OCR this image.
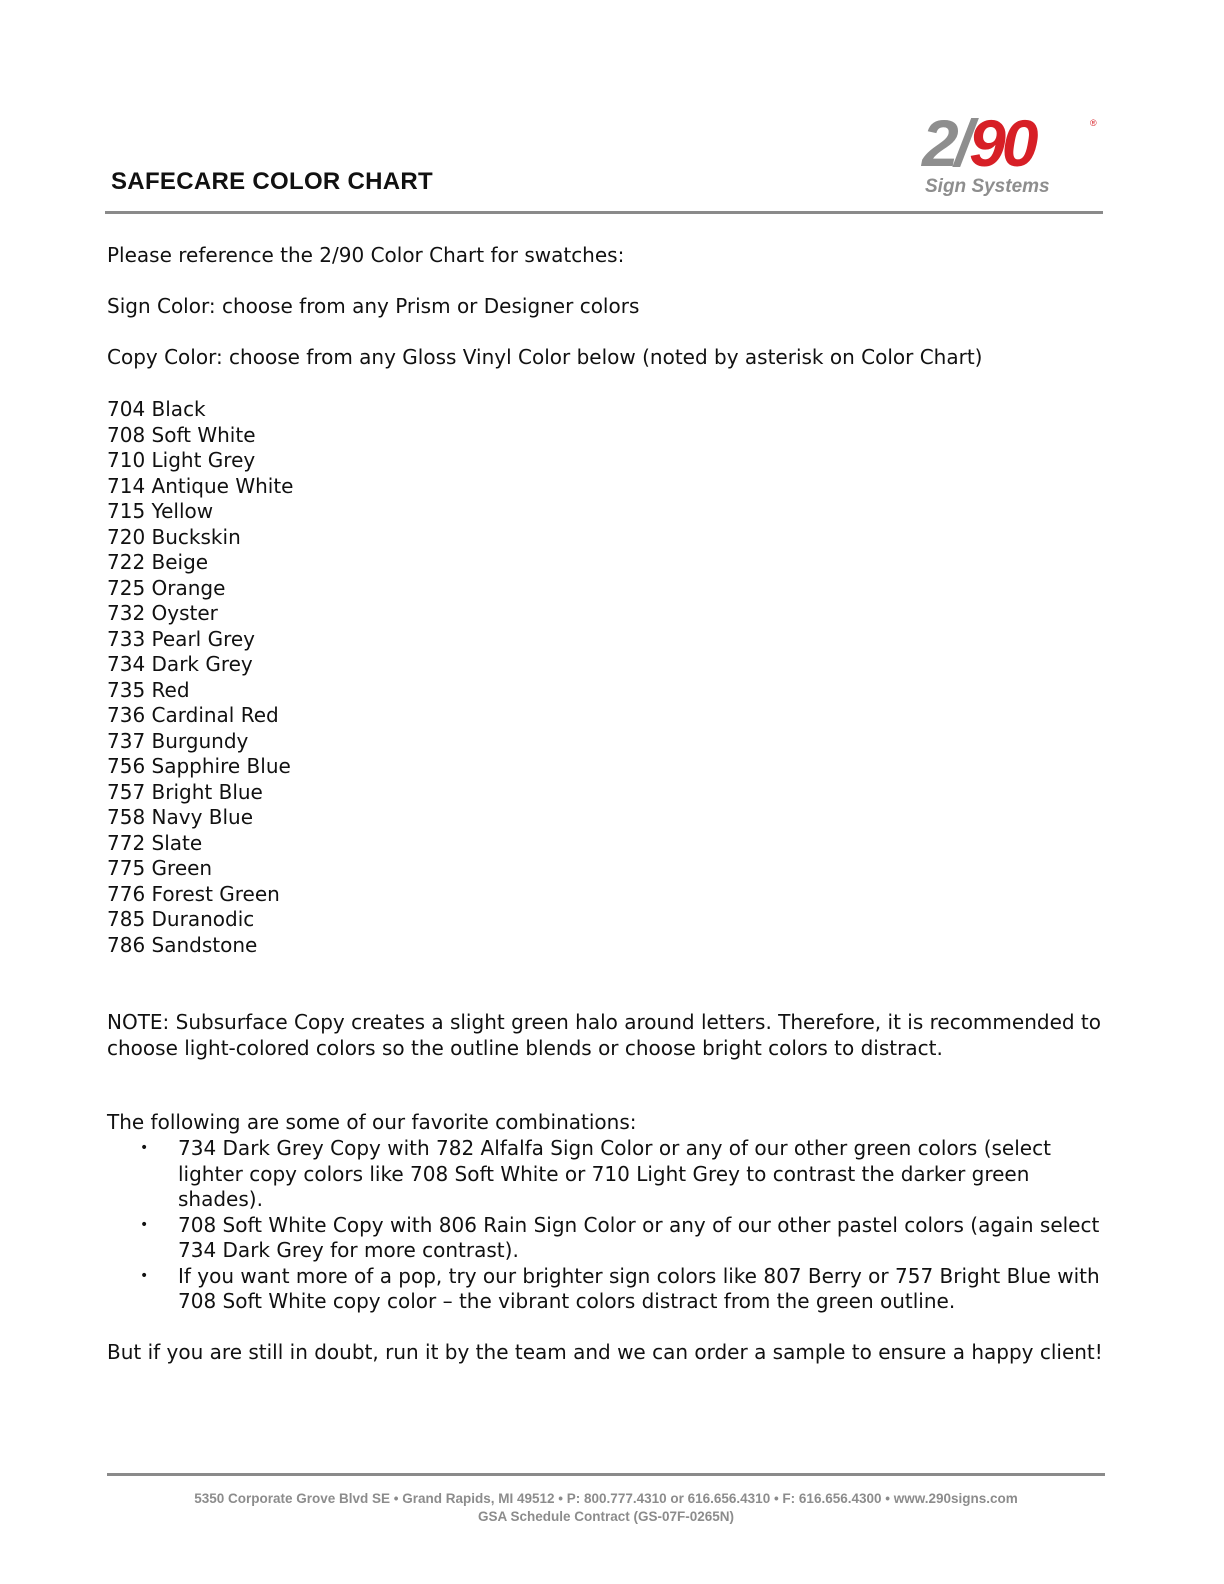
SAFECARE COLOR CHART
2/90	®
Sign Systems

Please reference the 2/90 Color Chart for swatches:

Sign Color: choose from any Prism or Designer colors

Copy Color: choose from any Gloss Vinyl Color below (noted by asterisk on Color Chart)

704 Black
708 Soft White
710 Light Grey
714 Antique White
715 Yellow
720 Buckskin
722 Beige
725 Orange
732 Oyster
733 Pearl Grey
734 Dark Grey
735 Red
736 Cardinal Red
737 Burgundy
756 Sapphire Blue
757 Bright Blue
758 Navy Blue
772 Slate
775 Green
776 Forest Green
785 Duranodic
786 Sandstone

NOTE: Subsurface Copy creates a slight green halo around letters. Therefore, it is recommended to choose light-colored colors so the outline blends or choose bright colors to distract.

The following are some of our favorite combinations:

• 734 Dark Grey Copy with 782 Alfalfa Sign Color or any of our other green colors (select lighter copy colors like 708 Soft White or 710 Light Grey to contrast the darker green shades).
• 708 Soft White Copy with 806 Rain Sign Color or any of our other pastel colors (again select 734 Dark Grey for more contrast).
• If you want more of a pop, try our brighter sign colors like 807 Berry or 757 Bright Blue with 708 Soft White copy color – the vibrant colors distract from the green outline.

But if you are still in doubt, run it by the team and we can order a sample to ensure a happy client!

5350 Corporate Grove Blvd SE • Grand Rapids, MI 49512 • P: 800.777.4310 or 616.656.4310 • F: 616.656.4300 • www.290signs.com
GSA Schedule Contract (GS-07F-0265N)
